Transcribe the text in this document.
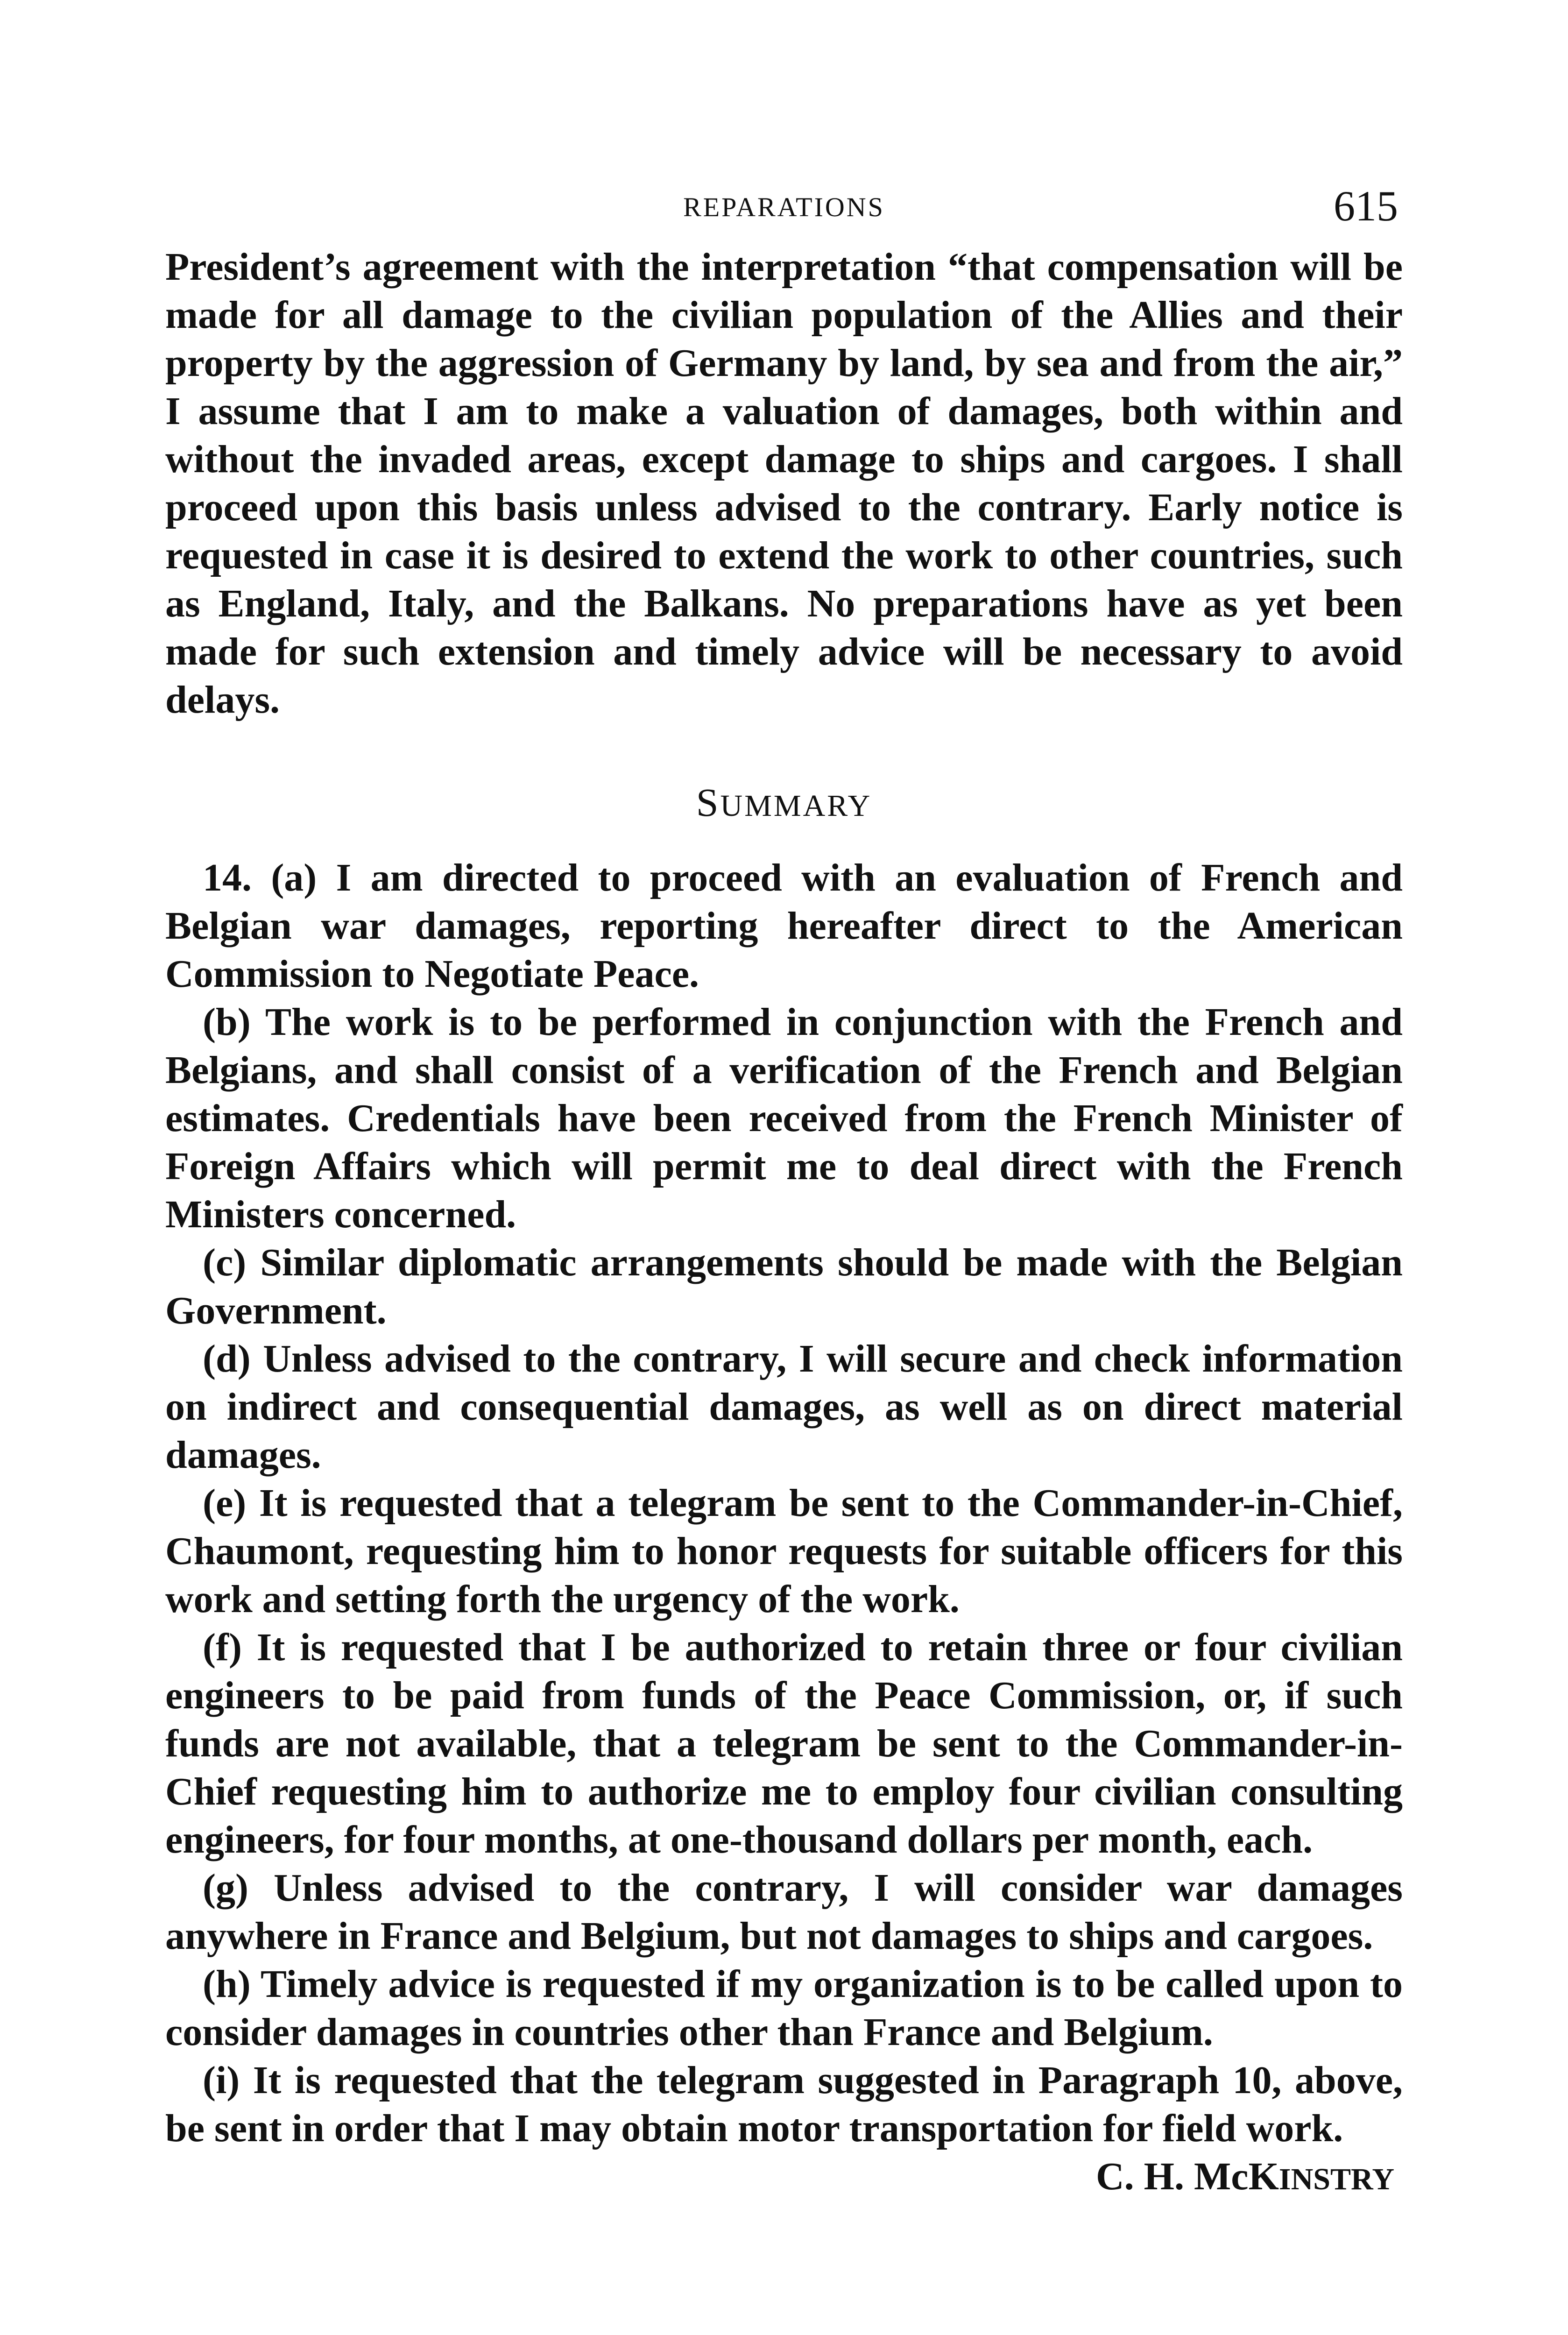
REPARATIONS	615

President’s agreement with the interpretation “that compensation will be made for all damage to the civilian population of the Allies and their property by the aggression of Germany by land, by sea and from the air,” I assume that I am to make a valuation of damages, both within and without the invaded areas, except damage to ships and cargoes. I shall proceed upon this basis unless advised to the contrary. Early notice is requested in case it is desired to extend the work to other countries, such as England, Italy, and the Balkans. No preparations have as yet been made for such extension and timely advice will be necessary to avoid delays.

SUMMARY

14. (a) I am directed to proceed with an evaluation of French and Belgian war damages, reporting hereafter direct to the American Commission to Negotiate Peace.

(b) The work is to be performed in conjunction with the French and Belgians, and shall consist of a verification of the French and Belgian estimates. Credentials have been received from the French Minister of Foreign Affairs which will permit me to deal direct with the French Ministers concerned.

(c) Similar diplomatic arrangements should be made with the Belgian Government.

(d) Unless advised to the contrary, I will secure and check information on indirect and consequential damages, as well as on direct material damages.

(e) It is requested that a telegram be sent to the Commander-in-Chief, Chaumont, requesting him to honor requests for suitable officers for this work and setting forth the urgency of the work.

(f) It is requested that I be authorized to retain three or four civilian engineers to be paid from funds of the Peace Commission, or, if such funds are not available, that a telegram be sent to the Commander-in-Chief requesting him to authorize me to employ four civilian consulting engineers, for four months, at one-thousand dollars per month, each.

(g) Unless advised to the contrary, I will consider war damages anywhere in France and Belgium, but not damages to ships and cargoes.

(h) Timely advice is requested if my organization is to be called upon to consider damages in countries other than France and Belgium.

(i) It is requested that the telegram suggested in Paragraph 10, above, be sent in order that I may obtain motor transportation for field work.

C. H. McKINSTRY
